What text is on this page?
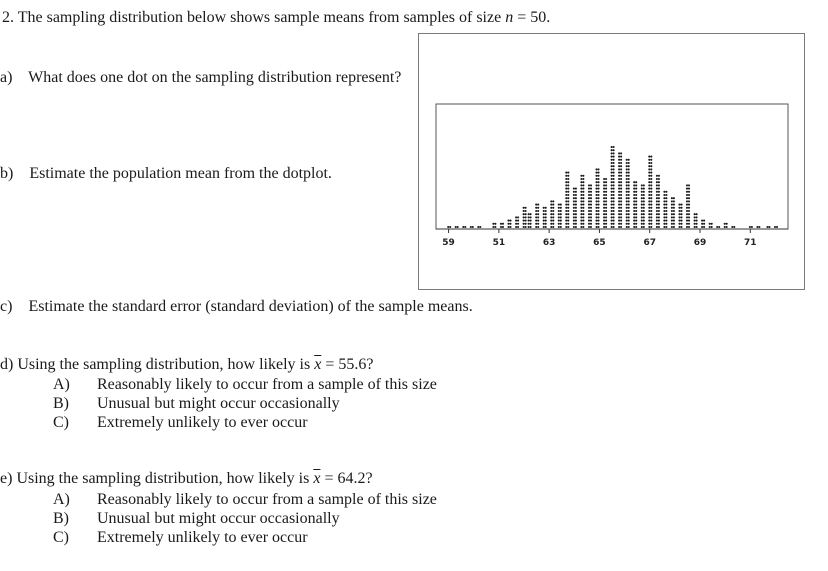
2. The sampling distribution below shows sample means from samples of size n = 50.
a) What does one dot on the sampling distribution represent?
b) Estimate the population mean from the dotplot.
c) Estimate the standard error (standard deviation) of the sample means.
d) Using the sampling distribution, how likely is $\overline{x} = 55.6$?
A) Reasonably likely to occur from a sample of this size
B) Unusual but might occur occasionally
C) Extremely unlikely to ever occur
e) Using the sampling distribution, how likely is $\overline{x} = 64.2$?
A) Reasonably likely to occur from a sample of this size
B) Unusual but might occur occasionally
C) Extremely unlikely to ever occur
59	51	63	65	67	69	71
